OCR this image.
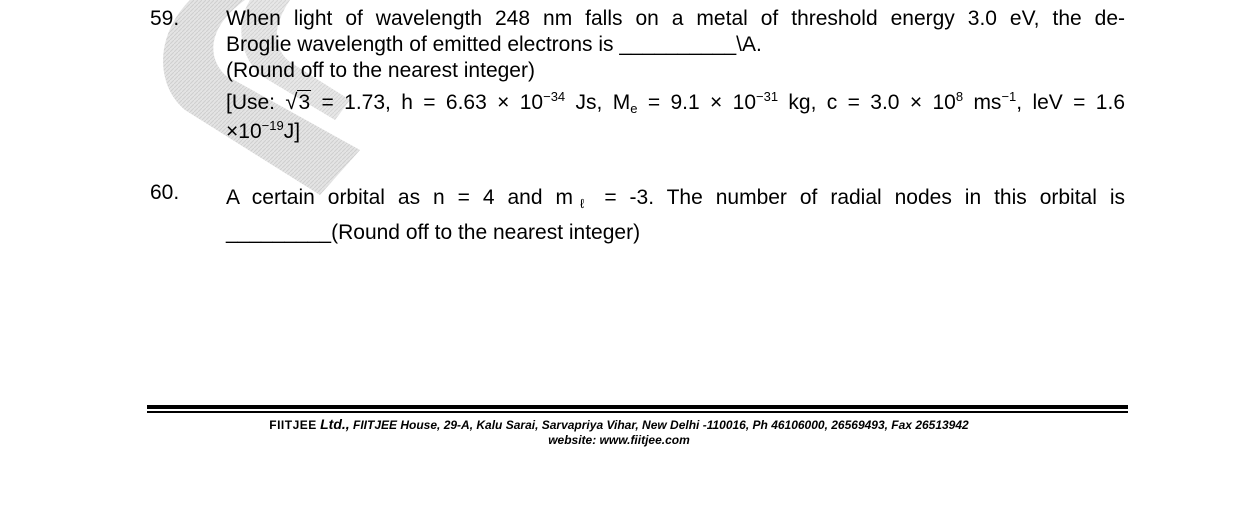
59. When light of wavelength 248 nm falls on a metal of threshold energy 3.0 eV, the de-
Broglie wavelength of emitted electrons is __________\A.
(Round off to the nearest integer)
[Use: √3 = 1.73, $h = 6.63 \times 10^{-34}$ Js, $M_e = 9.1 \times 10^{-31}$ kg, $c = 3.0 \times 10^8$ $ms^{-1}$, leV = 1.6
$\times 10^{-19}J$]
60. A certain orbital as n = 4 and $m_\ell = -3$. The number of radial nodes in this orbital is
_________(Round off to the nearest integer)
FIITJEE Ltd., FIITJEE House, 29-A, Kalu Sarai, Sarvapriya Vihar, New Delhi -110016, Ph 46106000, 26569493, Fax 26513942
website: www.fiitjee.com
